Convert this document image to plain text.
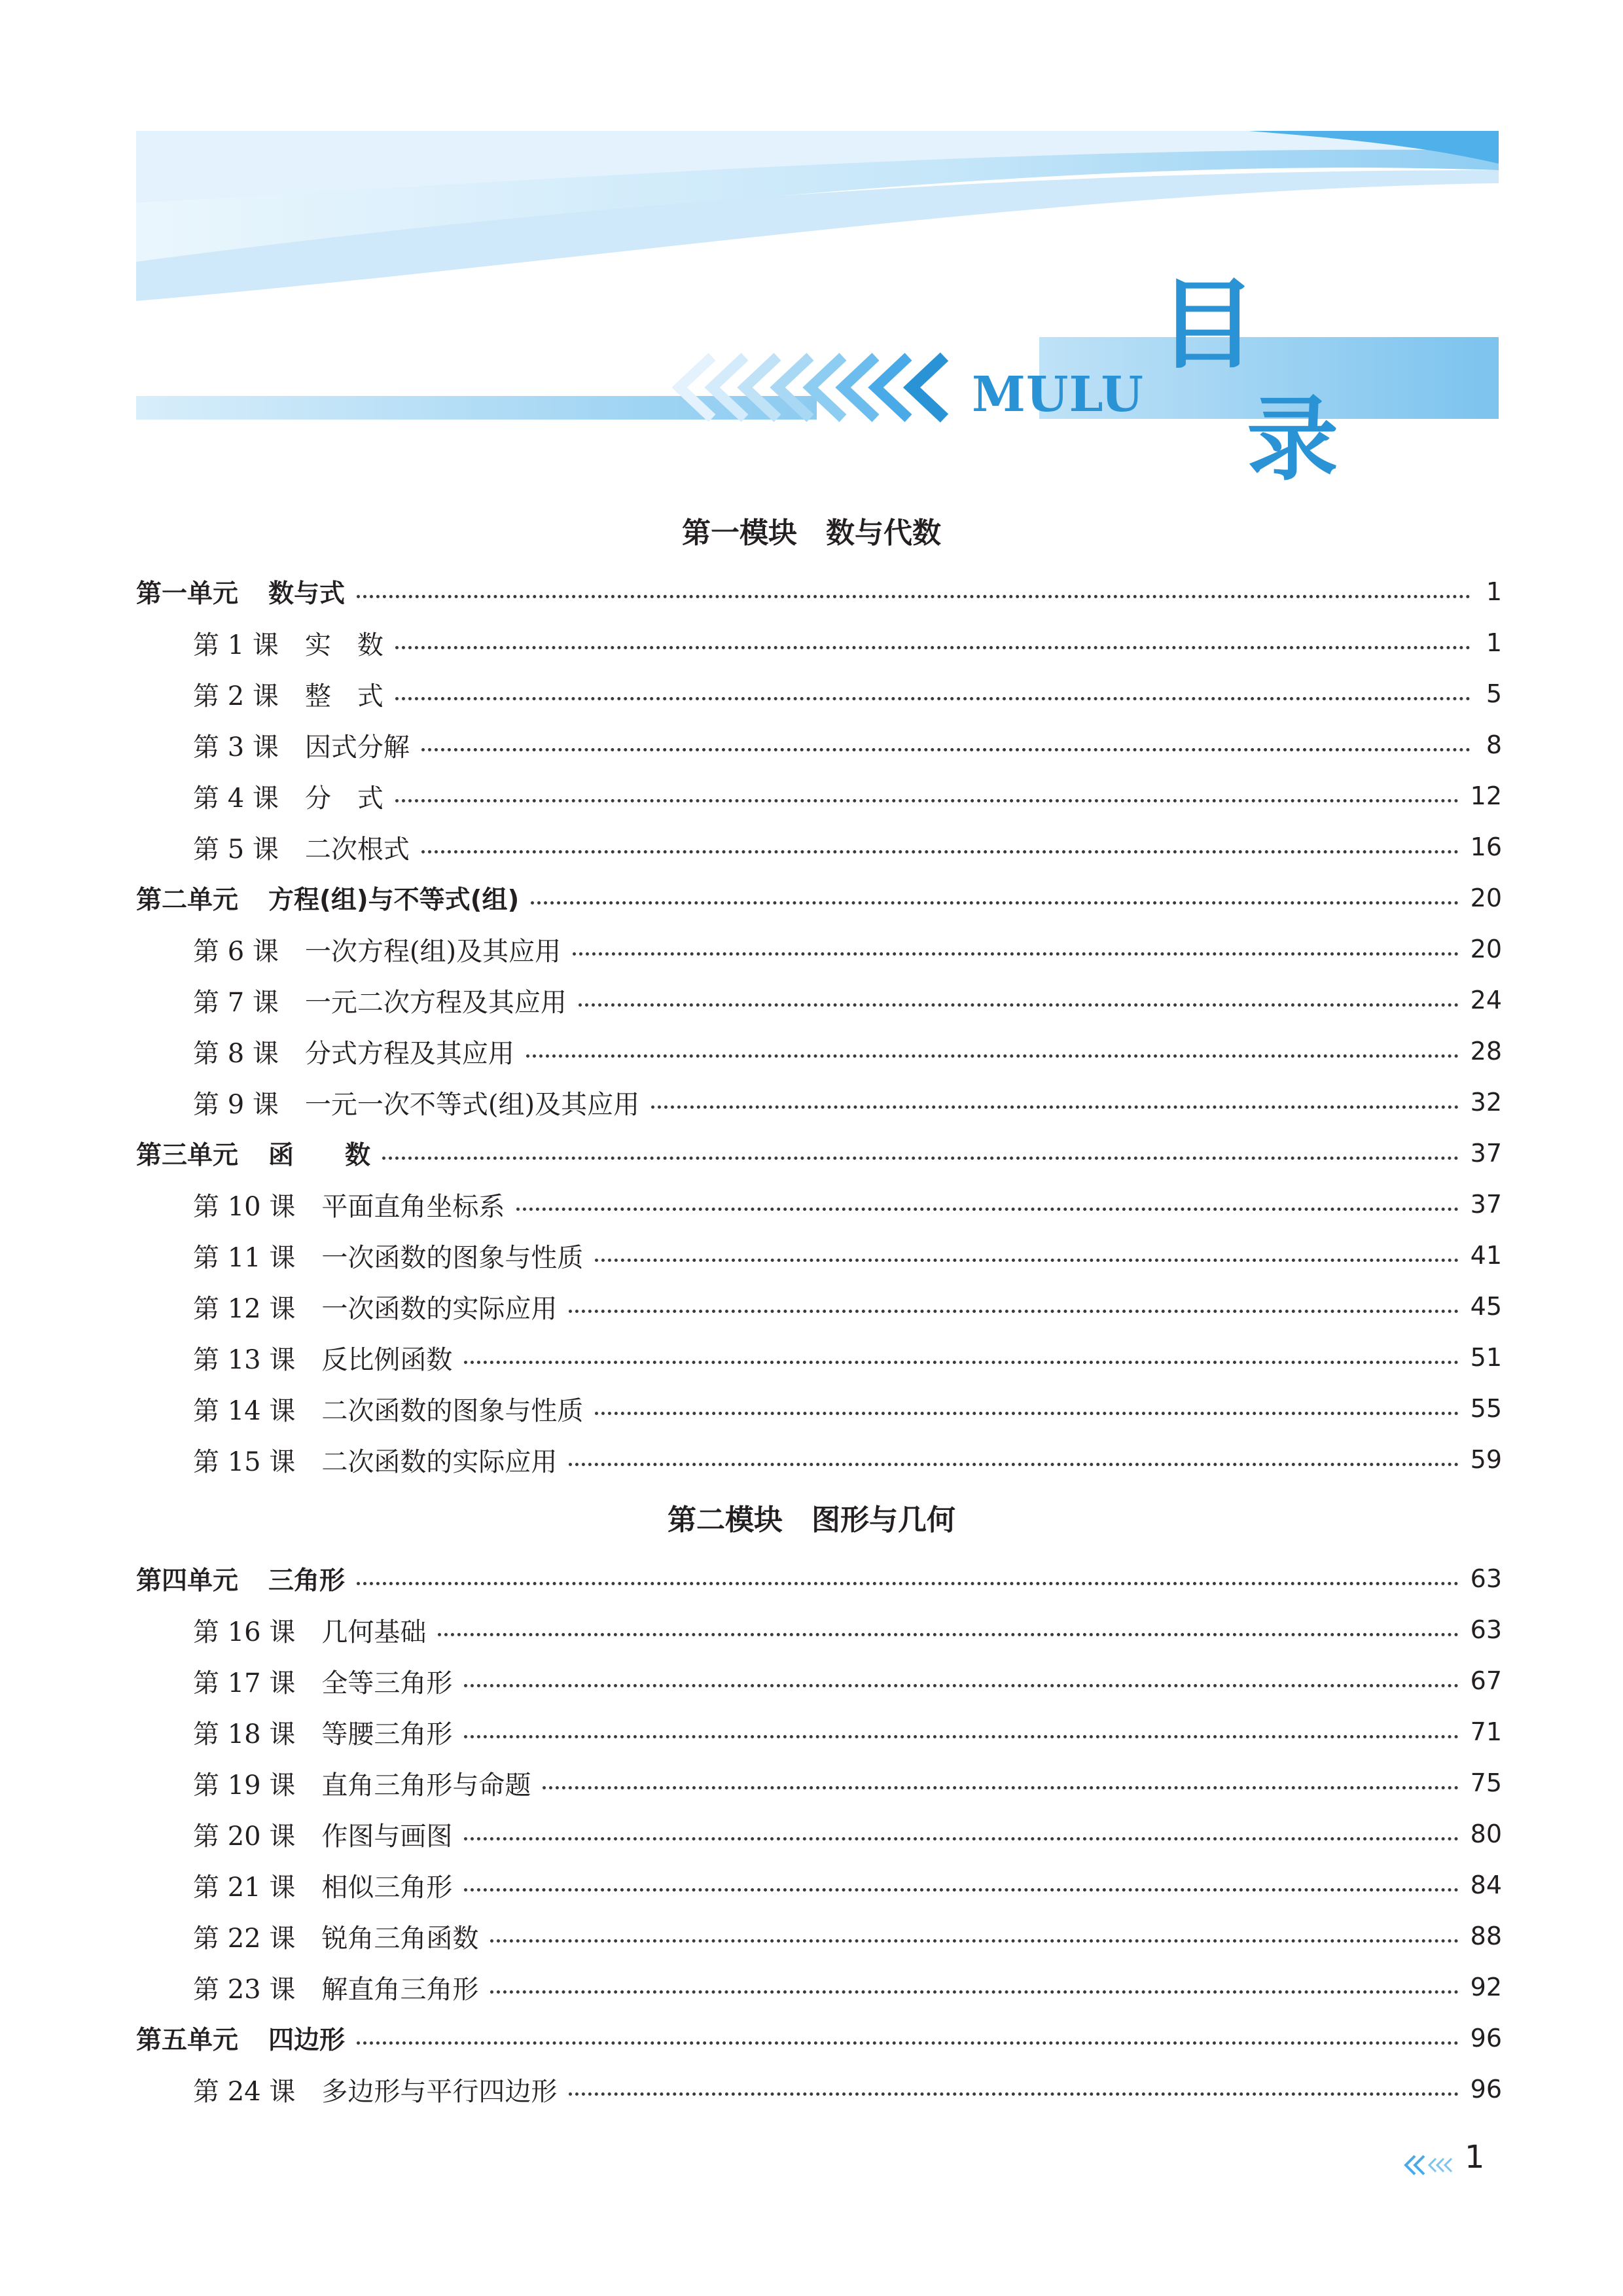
MULU
目
录
第一模块　数与代数
第一单元 数与式	1
第 1 课 实　数	1
第 2 课 整　式	5
第 3 课 因式分解	8
第 4 课 分　式	12
第 5 课 二次根式	16
第二单元 方程(组)与不等式(组)	20
第 6 课 一次方程(组)及其应用	20
第 7 课 一元二次方程及其应用	24
第 8 课 分式方程及其应用	28
第 9 课 一元一次不等式(组)及其应用	32
第三单元 函　　数	37
第 10 课 平面直角坐标系	37
第 11 课 一次函数的图象与性质	41
第 12 课 一次函数的实际应用	45
第 13 课 反比例函数	51
第 14 课 二次函数的图象与性质	55
第 15 课 二次函数的实际应用	59
第二模块　图形与几何
第四单元 三角形	63
第 16 课 几何基础	63
第 17 课 全等三角形	67
第 18 课 等腰三角形	71
第 19 课 直角三角形与命题	75
第 20 课 作图与画图	80
第 21 课 相似三角形	84
第 22 课 锐角三角函数	88
第 23 课 解直角三角形	92
第五单元 四边形	96
第 24 课 多边形与平行四边形	96
1
